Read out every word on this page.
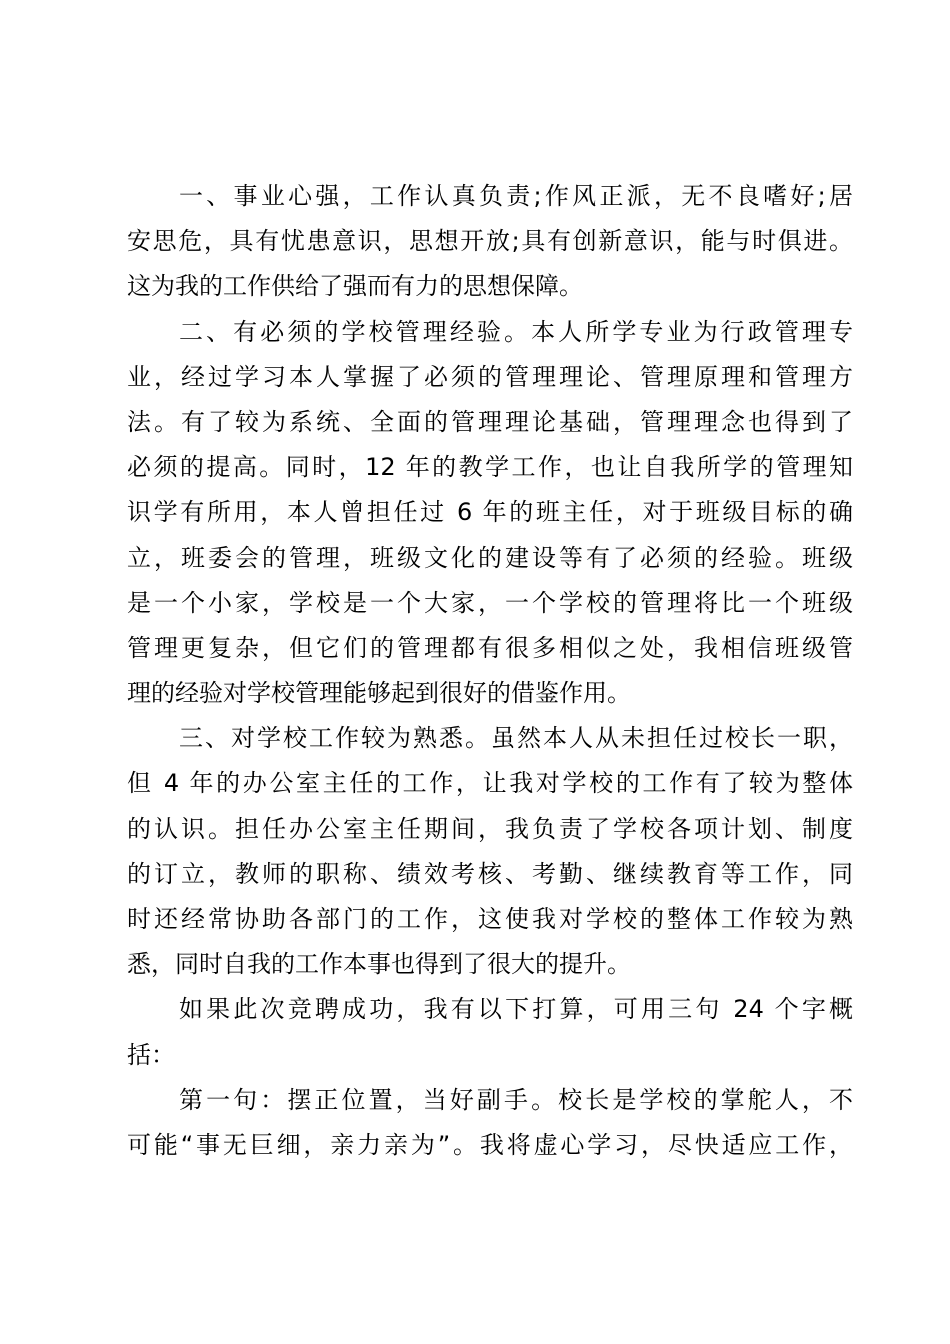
一、事业心强，工作认真负责;作风正派，无不良嗜好;居
安思危，具有忧患意识，思想开放;具有创新意识，能与时俱进。
这为我的工作供给了强而有力的思想保障。

二、有必须的学校管理经验。本人所学专业为行政管理专
业，经过学习本人掌握了必须的管理理论、管理原理和管理方
法。有了较为系统、全面的管理理论基础，管理理念也得到了
必须的提高。同时，12 年的教学工作，也让自我所学的管理知
识学有所用，本人曾担任过 6 年的班主任，对于班级目标的确
立，班委会的管理，班级文化的建设等有了必须的经验。班级
是一个小家，学校是一个大家，一个学校的管理将比一个班级
管理更复杂，但它们的管理都有很多相似之处，我相信班级管
理的经验对学校管理能够起到很好的借鉴作用。

三、对学校工作较为熟悉。虽然本人从未担任过校长一职，
但 4 年的办公室主任的工作，让我对学校的工作有了较为整体
的认识。担任办公室主任期间，我负责了学校各项计划、制度
的订立，教师的职称、绩效考核、考勤、继续教育等工作，同
时还经常协助各部门的工作，这使我对学校的整体工作较为熟
悉，同时自我的工作本事也得到了很大的提升。

如果此次竞聘成功，我有以下打算，可用三句 24 个字概
括：

第一句：摆正位置，当好副手。校长是学校的掌舵人，不
可能“事无巨细，亲力亲为”。我将虚心学习，尽快适应工作，
